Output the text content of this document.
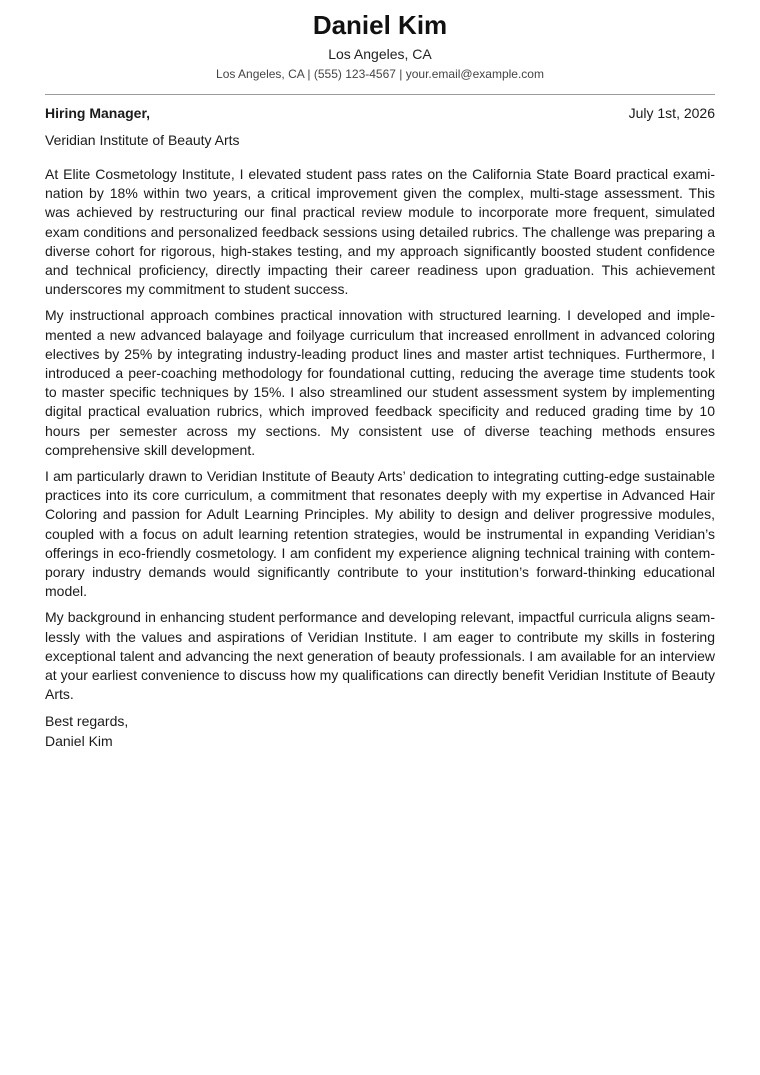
Daniel Kim
Los Angeles, CA
Los Angeles, CA | (555) 123-4567 | your.email@example.com
Hiring Manager,	July 1st, 2026
Veridian Institute of Beauty Arts

At Elite Cosmetology Institute, I elevated student pass rates on the California State Board practical examination by 18% within two years, a critical improvement given the complex, multi-stage assessment. This was achieved by restructuring our final practical review module to incorporate more frequent, simulated exam conditions and personalized feedback sessions using detailed rubrics. The challenge was preparing a diverse cohort for rigorous, high-stakes testing, and my approach significantly boosted student confidence and technical proficiency, directly impacting their career readiness upon graduation. This achievement underscores my commitment to student success.

My instructional approach combines practical innovation with structured learning. I developed and implemented a new advanced balayage and foilyage curriculum that increased enrollment in advanced coloring electives by 25% by integrating industry-leading product lines and master artist techniques. Furthermore, I introduced a peer-coaching methodology for foundational cutting, reducing the average time students took to master specific techniques by 15%. I also streamlined our student assessment system by implementing digital practical evaluation rubrics, which improved feedback specificity and reduced grading time by 10 hours per semester across my sections. My consistent use of diverse teaching methods ensures comprehensive skill development.

I am particularly drawn to Veridian Institute of Beauty Arts’ dedication to integrating cutting-edge sustainable practices into its core curriculum, a commitment that resonates deeply with my expertise in Advanced Hair Coloring and passion for Adult Learning Principles. My ability to design and deliver progressive modules, coupled with a focus on adult learning retention strategies, would be instrumental in expanding Veridian’s offerings in eco-friendly cosmetology. I am confident my experience aligning technical training with contemporary industry demands would significantly contribute to your institution’s forward-thinking educational model.

My background in enhancing student performance and developing relevant, impactful curricula aligns seamlessly with the values and aspirations of Veridian Institute. I am eager to contribute my skills in fostering exceptional talent and advancing the next generation of beauty professionals. I am available for an interview at your earliest convenience to discuss how my qualifications can directly benefit Veridian Institute of Beauty Arts.

Best regards,
Daniel Kim
